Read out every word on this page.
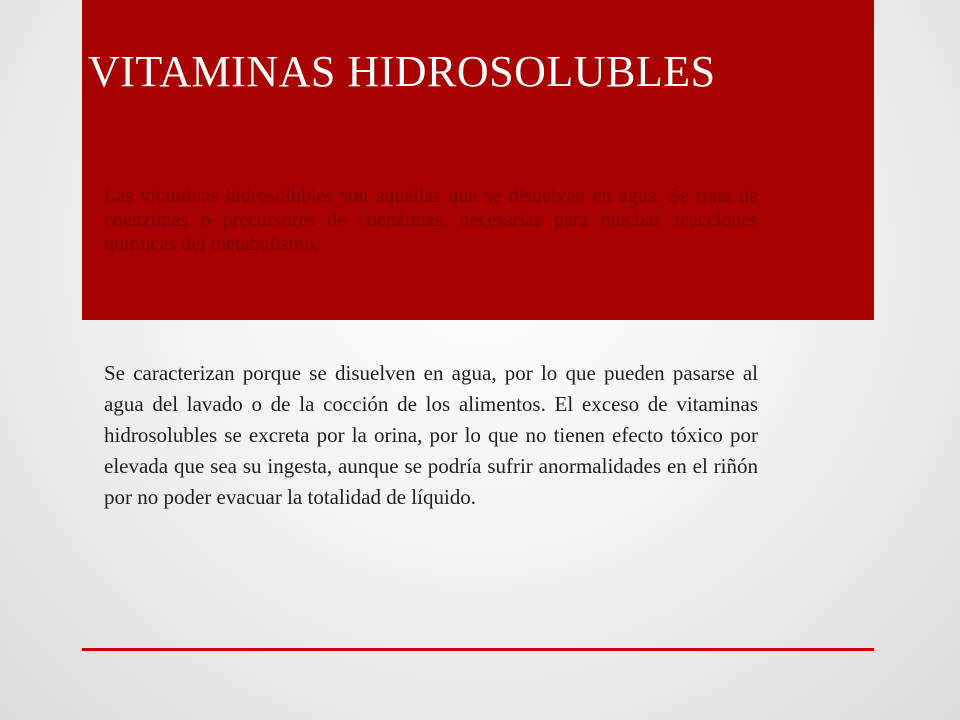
VITAMINAS HIDROSOLUBLES

Las vitaminas hidrosolubles son aquellas que se disuelven en agua. Se trata de coenzimas o precursores de coenzimas, necesarias para muchas reacciones químicas del metabolismo.

Se caracterizan porque se disuelven en agua, por lo que pueden pasarse al agua del lavado o de la cocción de los alimentos. El exceso de vitaminas hidrosolubles se excreta por la orina, por lo que no tienen efecto tóxico por elevada que sea su ingesta, aunque se podría sufrir anormalidades en el riñón por no poder evacuar la totalidad de líquido.
